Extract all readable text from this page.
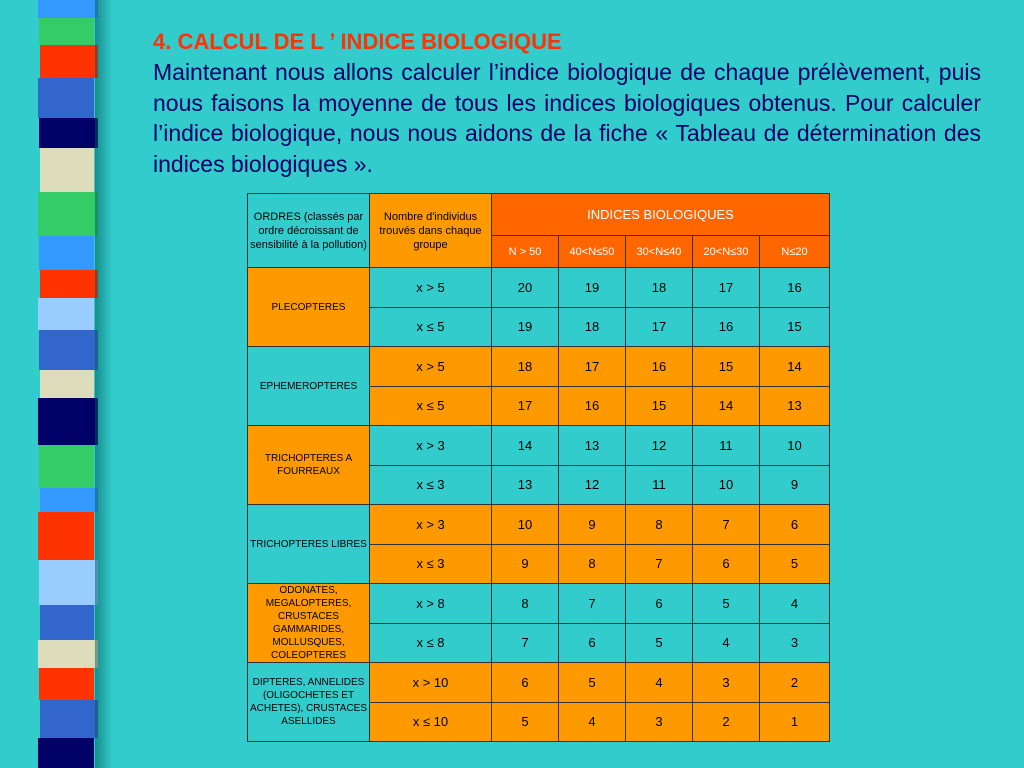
4. CALCUL DE L ’ INDICE BIOLOGIQUE

Maintenant nous allons calculer l’indice biologique de chaque prélèvement, puis nous faisons la moyenne de tous les indices biologiques obtenus. Pour calculer l’indice biologique, nous nous aidons de la fiche « Tableau de détermination des indices biologiques ».

ORDRES (classés par ordre décroissant de sensibilité à la pollution)	Nombre d'individus trouvés dans chaque groupe	INDICES BIOLOGIQUES				
		N > 50	40<N≤50	30<N≤40	20<N≤30	N≤20
PLECOPTERES	x > 5	20	19	18	17	16
	x ≤ 5	19	18	17	16	15
EPHEMEROPTERES	x > 5	18	17	16	15	14
	x ≤ 5	17	16	15	14	13
TRICHOPTERES A FOURREAUX	x > 3	14	13	12	11	10
	x ≤ 3	13	12	11	10	9
TRICHOPTERES LIBRES	x > 3	10	9	8	7	6
	x ≤ 3	9	8	7	6	5
ODONATES, MEGALOPTERES, CRUSTACES GAMMARIDES, MOLLUSQUES, COLEOPTERES	x > 8	8	7	6	5	4
	x ≤ 8	7	6	5	4	3
DIPTERES, ANNELIDES (OLIGOCHETES ET ACHETES), CRUSTACES ASELLIDES	x > 10	6	5	4	3	2
	x ≤ 10	5	4	3	2	1
